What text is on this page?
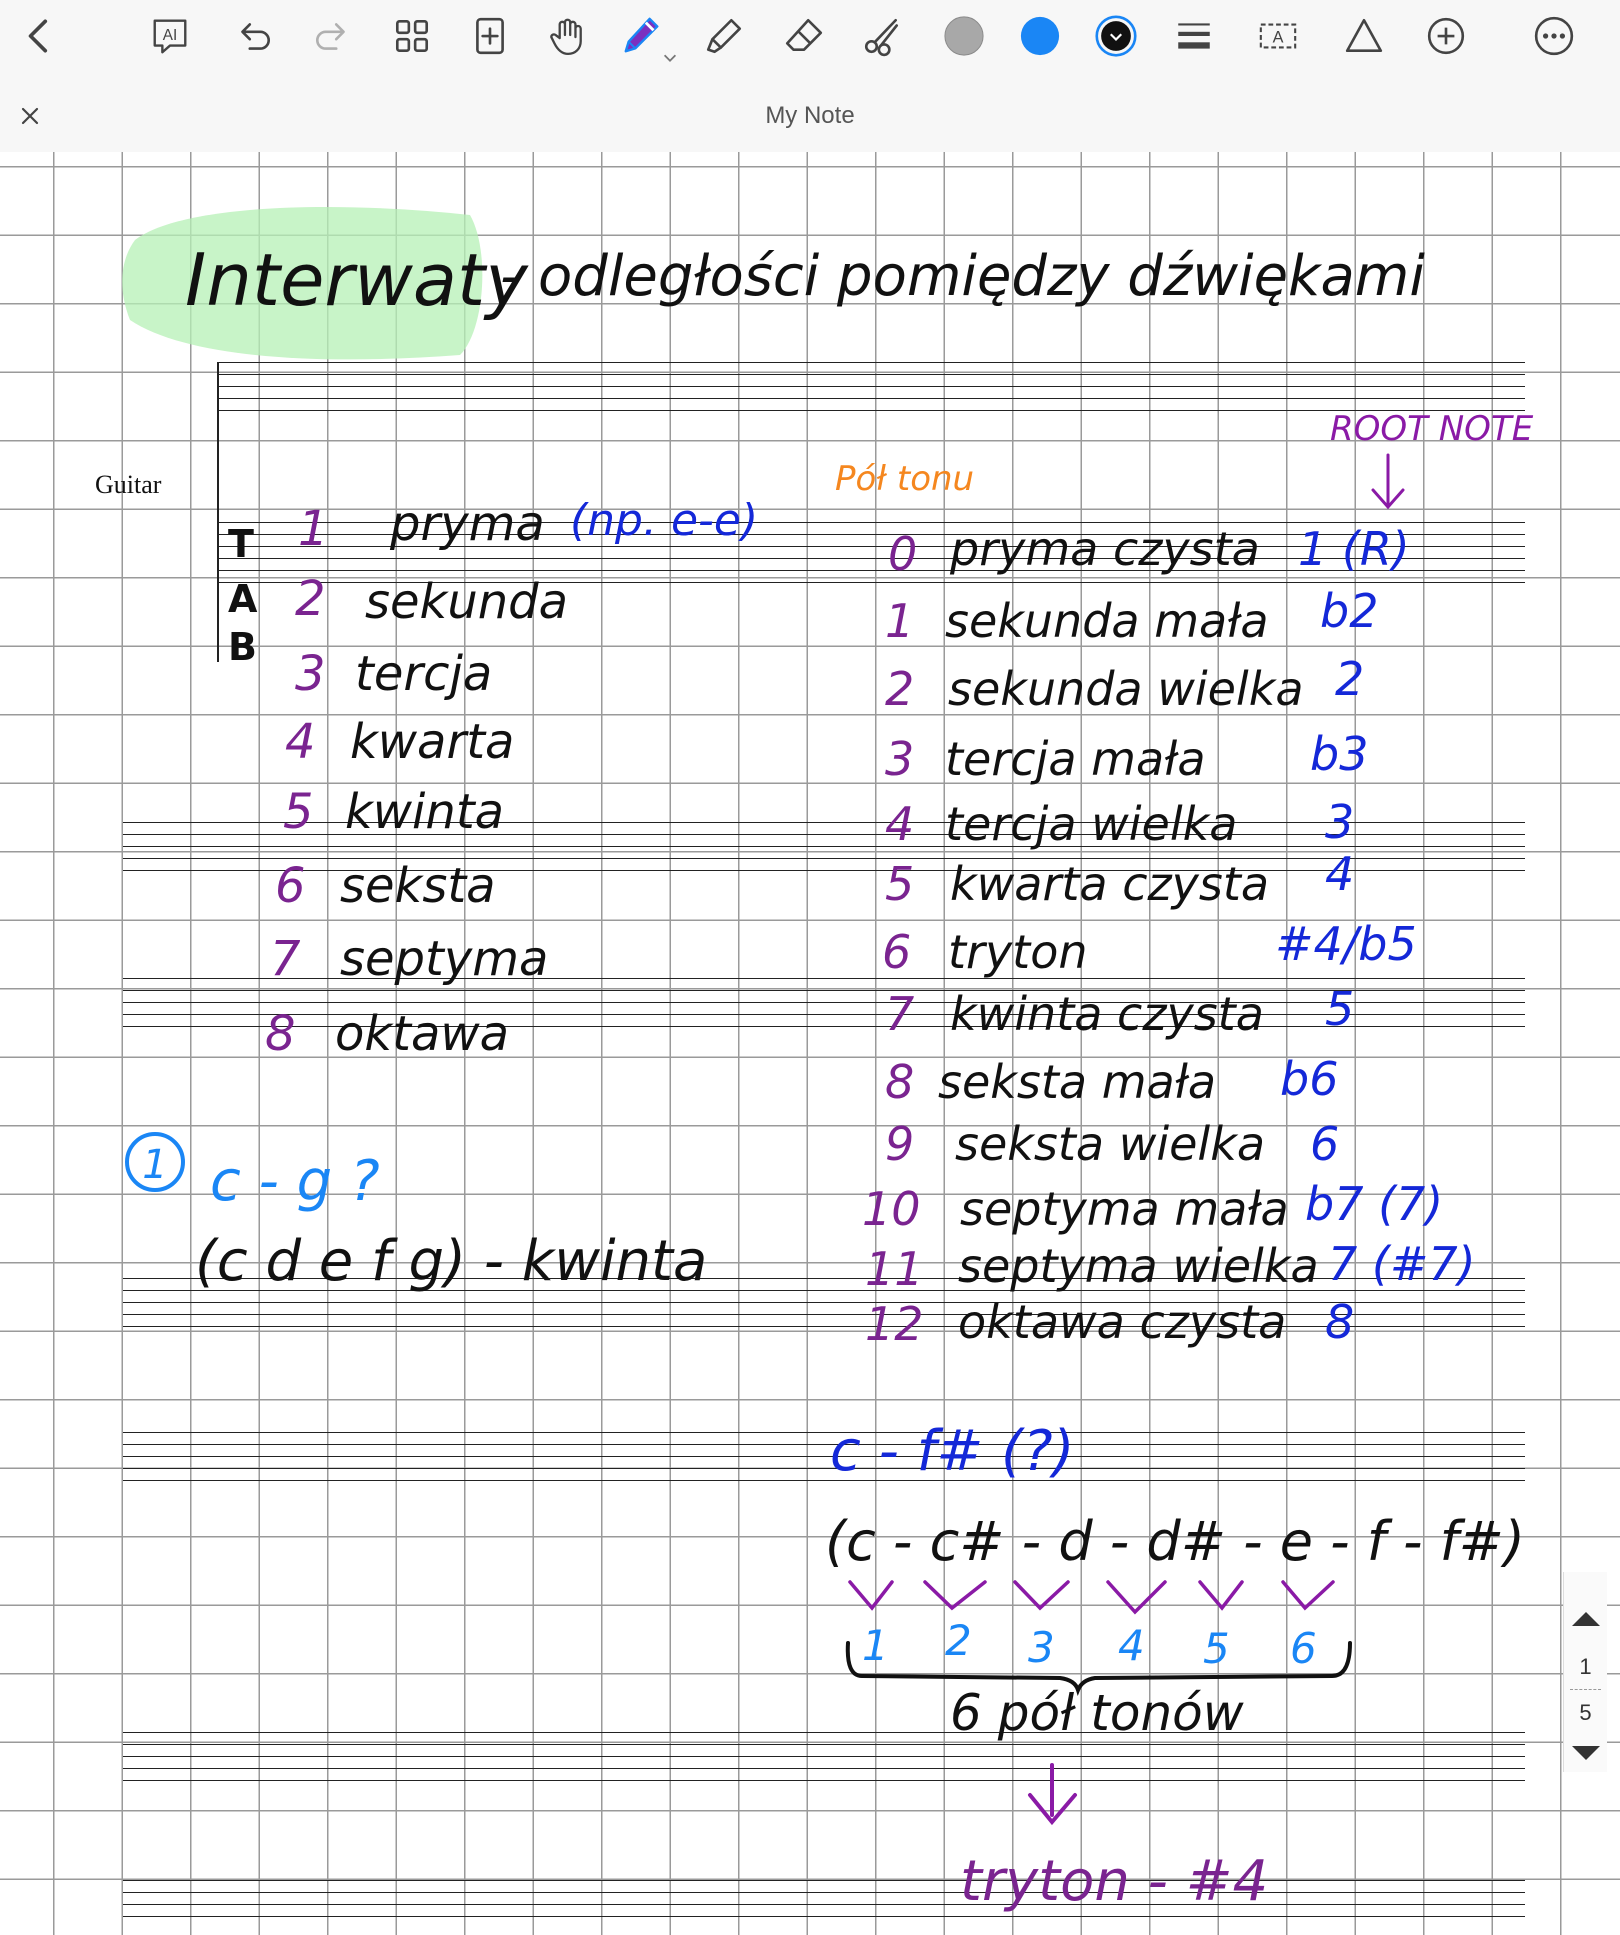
AI	A
My Note
Interwaty
- odległości pomiędzy dźwiękami
Guitar
T
A
B
1 pryma (np. e-e)
2 sekunda
3 tercja
4 kwarta
5 kwinta
6 seksta
7 septyma
8 oktawa
Pół tonu
ROOT NOTE
0 pryma czysta 1 (R)
1 sekunda mała b2
2 sekunda wielka 2
3 tercja mała b3
4 tercja wielka 3
5 kwarta czysta 4
6 tryton	#4/b5
7 kwinta czysta 5
8 seksta mała b6
9 seksta wielka 6
10 septyma mała b7 (7)
11 septyma wielka 7 (#7)
12 oktawa czysta 8
1 c - g ?
(c d e f g) - kwinta
c - f# (?)
(c - c# - d - d# - e - f - f#)
1 2 3 4 5 6
6 pół tonów
tryton - #4
1
5
